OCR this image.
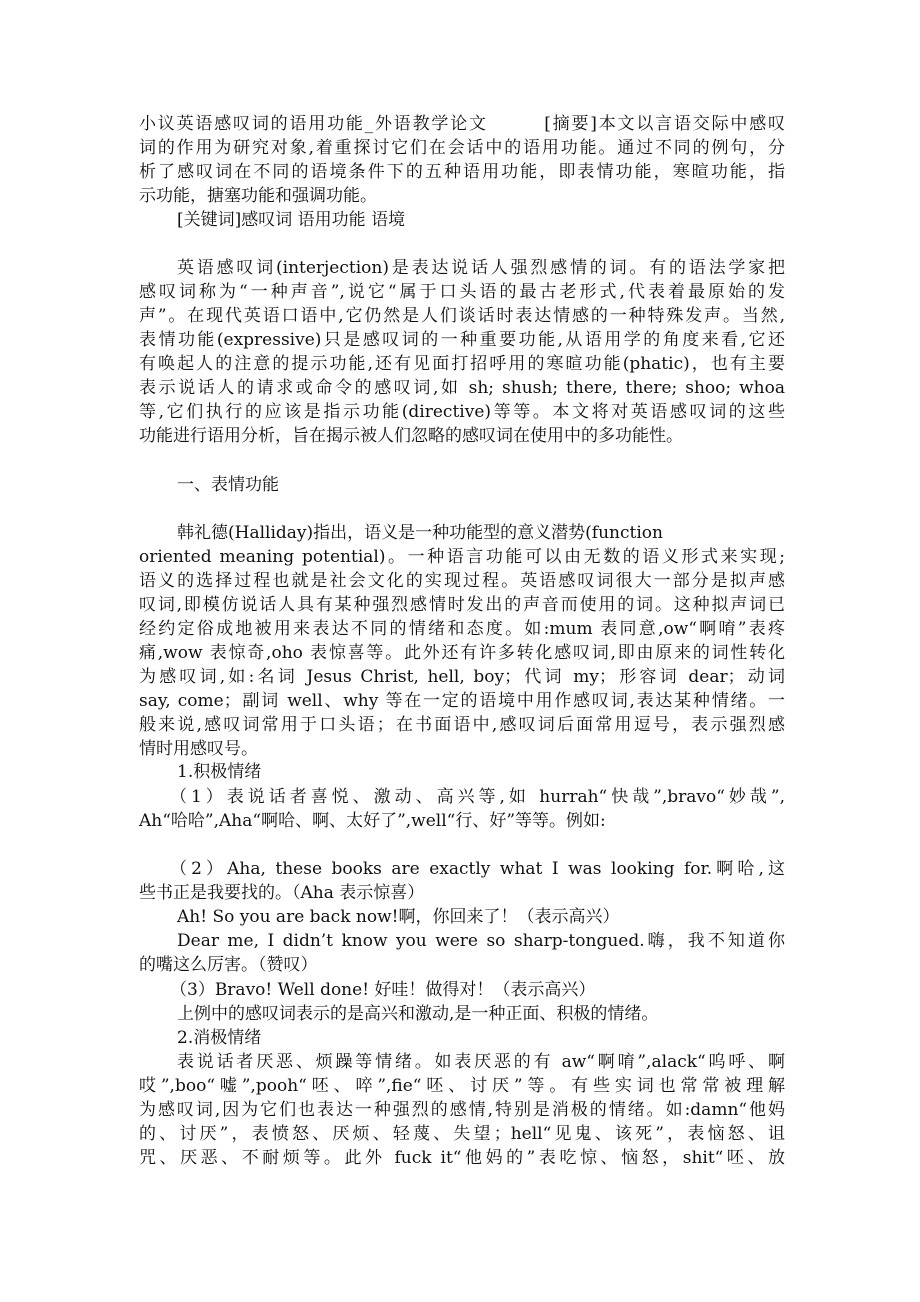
小议英语感叹词的语用功能_外语教学论文　　　[摘要]本文以言语交际中感叹
词的作用为研究对象,着重探讨它们在会话中的语用功能。通过不同的例句，分
析了感叹词在不同的语境条件下的五种语用功能，即表情功能，寒暄功能，指
示功能，搪塞功能和强调功能。
[关键词]感叹词 语用功能 语境
英语感叹词(interjection)是表达说话人强烈感情的词。有的语法学家把
感叹词称为“一种声音”,说它“属于口头语的最古老形式,代表着最原始的发
声”。在现代英语口语中,它仍然是人们谈话时表达情感的一种特殊发声。当然,
表情功能(expressive)只是感叹词的一种重要功能,从语用学的角度来看,它还
有唤起人的注意的提示功能,还有见面打招呼用的寒暄功能(phatic)，也有主要
表示说话人的请求或命令的感叹词,如 sh; shush; there, there; shoo; whoa
等,它们执行的应该是指示功能(directive)等等。本文将对英语感叹词的这些
功能进行语用分析，旨在揭示被人们忽略的感叹词在使用中的多功能性。
一、表情功能
韩礼德(Halliday)指出，语义是一种功能型的意义潜势(function
oriented meaning potential)。一种语言功能可以由无数的语义形式来实现;
语义的选择过程也就是社会文化的实现过程。英语感叹词很大一部分是拟声感
叹词,即模仿说话人具有某种强烈感情时发出的声音而使用的词。这种拟声词已
经约定俗成地被用来表达不同的情绪和态度。如:mum 表同意,ow“啊唷”表疼
痛,wow 表惊奇,oho 表惊喜等。此外还有许多转化感叹词,即由原来的词性转化
为感叹词,如:名词 Jesus Christ, hell, boy；代词 my；形容词 dear；动词
say, come；副词 well、why 等在一定的语境中用作感叹词,表达某种情绪。一
般来说,感叹词常用于口头语；在书面语中,感叹词后面常用逗号，表示强烈感
情时用感叹号。
1.积极情绪
（1）表说话者喜悦、激动、高兴等,如 hurrah“快哉”,bravo“妙哉”,
Ah“哈哈”,Aha“啊哈、啊、太好了”,well“行、好”等等。例如:
（2）Aha, these books are exactly what I was looking for.啊哈,这
些书正是我要找的。（Aha 表示惊喜）
Ah! So you are back now!啊，你回来了！（表示高兴）
Dear me, I didn’t know you were so sharp-tongued.嗨，我不知道你
的嘴这么厉害。（赞叹）
（3）Bravo! Well done! 好哇！做得对！（表示高兴）
上例中的感叹词表示的是高兴和激动,是一种正面、积极的情绪。
2.消极情绪
表说话者厌恶、烦躁等情绪。如表厌恶的有 aw“啊唷”,alack“呜呼、啊
哎”,boo“嘘”,pooh“呸、啐”,fie“呸、讨厌”等。有些实词也常常被理解
为感叹词,因为它们也表达一种强烈的感情,特别是消极的情绪。如:damn“他妈
的、讨厌”，表愤怒、厌烦、轻蔑、失望；hell“见鬼、该死”，表恼怒、诅
咒、厌恶、不耐烦等。此外 fuck it“他妈的”表吃惊、恼怒，shit“呸、放
